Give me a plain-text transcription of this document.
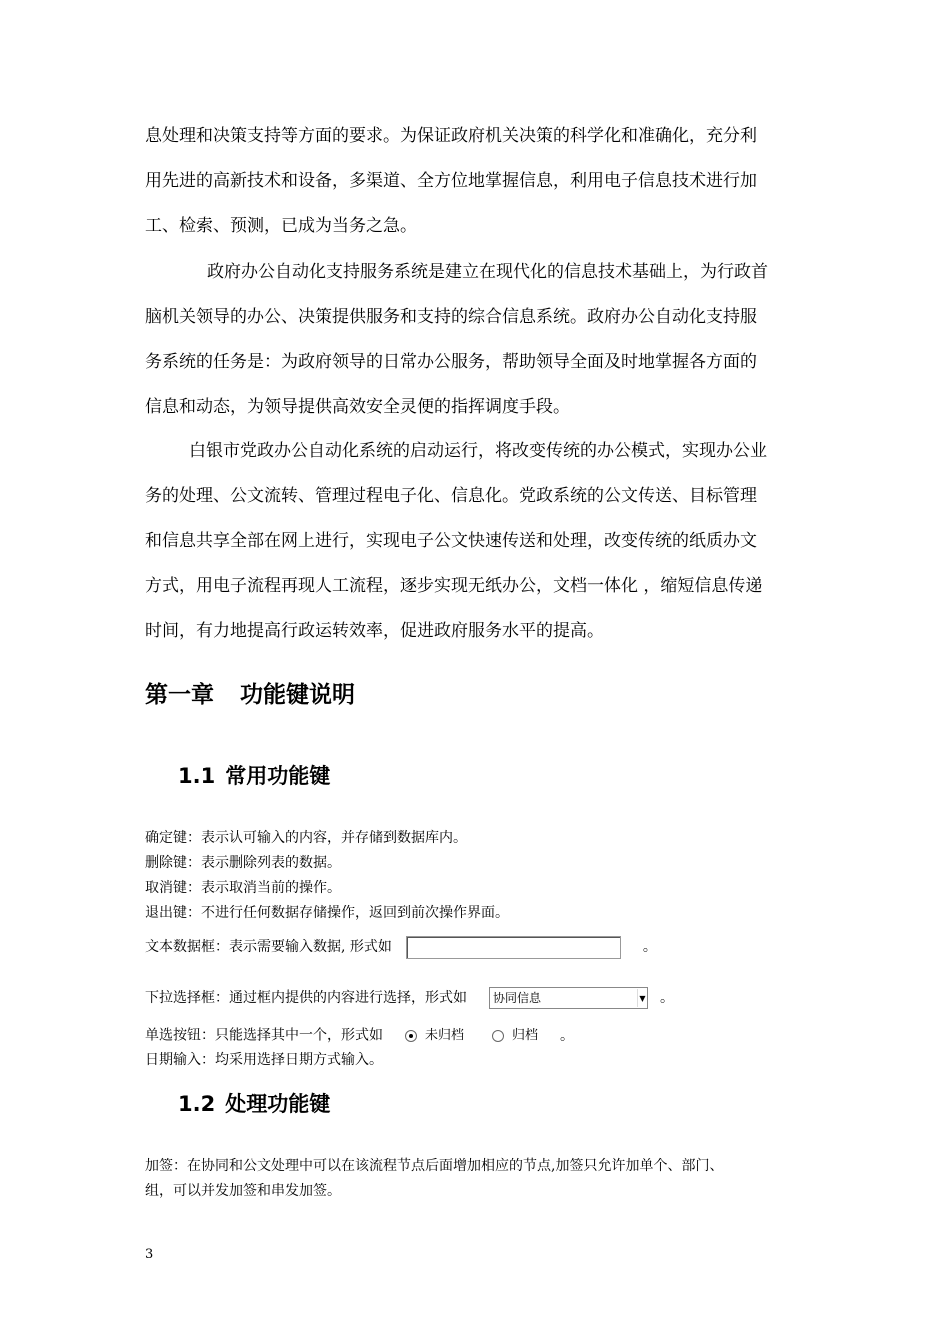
息处理和决策支持等方面的要求。为保证政府机关决策的科学化和准确化，充分利
用先进的高新技术和设备，多渠道、全方位地掌握信息，利用电子信息技术进行加
工、检索、预测，已成为当务之急。
政府办公自动化支持服务系统是建立在现代化的信息技术基础上，为行政首
脑机关领导的办公、决策提供服务和支持的综合信息系统。政府办公自动化支持服
务系统的任务是：为政府领导的日常办公服务，帮助领导全面及时地掌握各方面的
信息和动态，为领导提供高效安全灵便的指挥调度手段。
白银市党政办公自动化系统的启动运行，将改变传统的办公模式，实现办公业
务的处理、公文流转、管理过程电子化、信息化。党政系统的公文传送、目标管理
和信息共享全部在网上进行，实现电子公文快速传送和处理，改变传统的纸质办文
方式，用电子流程再现人工流程，逐步实现无纸办公，文档一体化 ，缩短信息传递
时间，有力地提高行政运转效率，促进政府服务水平的提高。
第一章 功能键说明
1.1 常用功能键
确定键：表示认可输入的内容，并存储到数据库内。
删除键：表示删除列表的数据。
取消键：表示取消当前的操作。
退出键：不进行任何数据存储操作，返回到前次操作界面。
文本数据框：表示需要输入数据, 形式如	。
下拉选择框：通过框内提供的内容进行选择，形式如 协同信息	▼ 。
单选按钮：只能选择其中一个，形式如	未归档	归档 。
日期输入：均采用选择日期方式输入。
1.2 处理功能键
加签：在协同和公文处理中可以在该流程节点后面增加相应的节点,加签只允许加单个、部门、
组，可以并发加签和串发加签。
3
